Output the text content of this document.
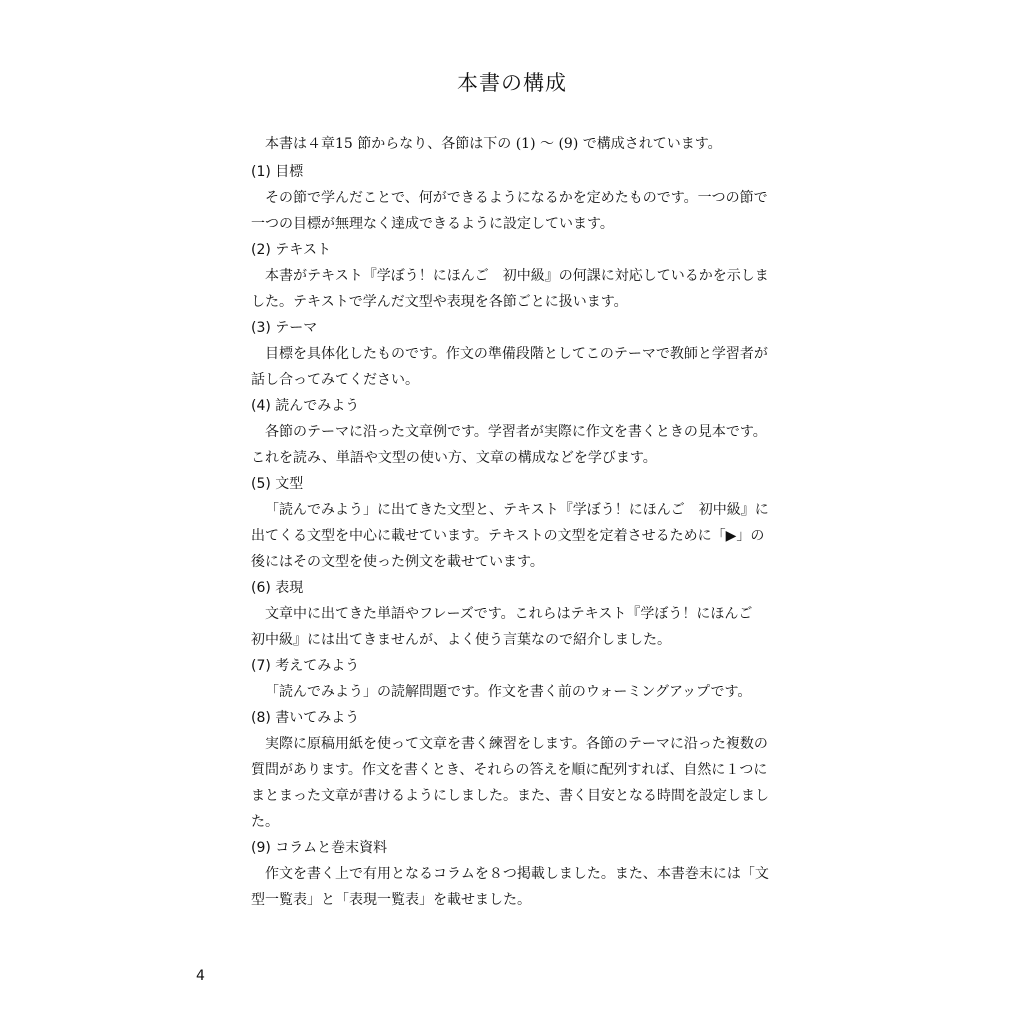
本書の構成

本書は４章15 節からなり、各節は下の (1) ～ (9) で構成されています。

(1) 目標

その節で学んだことで、何ができるようになるかを定めたものです。一つの節で一つの目標が無理なく達成できるように設定しています。

(2) テキスト

本書がテキスト『学ぼう！にほんご　初中級』の何課に対応しているかを示しました。テキストで学んだ文型や表現を各節ごとに扱います。

(3) テーマ

目標を具体化したものです。作文の準備段階としてこのテーマで教師と学習者が話し合ってみてください。

(4) 読んでみよう

各節のテーマに沿った文章例です。学習者が実際に作文を書くときの見本です。これを読み、単語や文型の使い方、文章の構成などを学びます。

(5) 文型

「読んでみよう」に出てきた文型と、テキスト『学ぼう！にほんご　初中級』に出てくる文型を中心に載せています。テキストの文型を定着させるために「▶」の後にはその文型を使った例文を載せています。

(6) 表現

文章中に出てきた単語やフレーズです。これらはテキスト『学ぼう！にほんご　初中級』には出てきませんが、よく使う言葉なので紹介しました。

(7) 考えてみよう

「読んでみよう」の読解問題です。作文を書く前のウォーミングアップです。

(8) 書いてみよう

実際に原稿用紙を使って文章を書く練習をします。各節のテーマに沿った複数の質問があります。作文を書くとき、それらの答えを順に配列すれば、自然に１つにまとまった文章が書けるようにしました。また、書く目安となる時間を設定しました。

(9) コラムと巻末資料

作文を書く上で有用となるコラムを８つ掲載しました。また、本書巻末には「文型一覧表」と「表現一覧表」を載せました。

4
